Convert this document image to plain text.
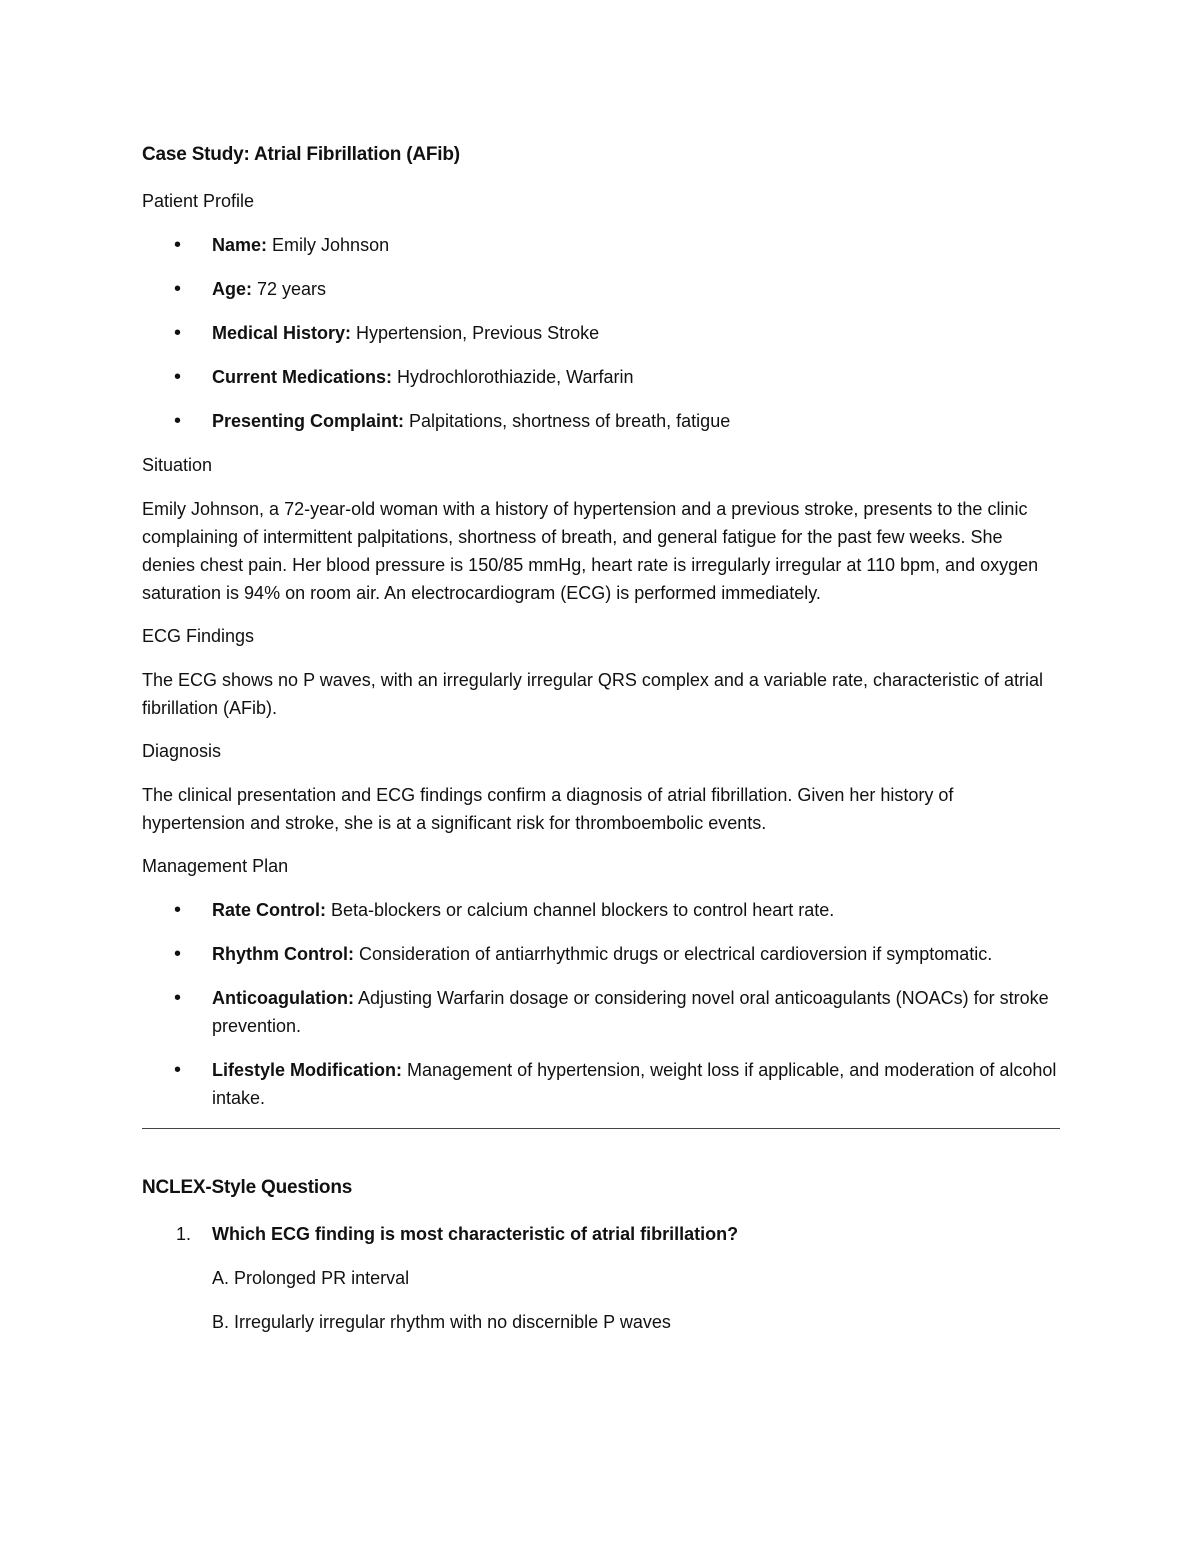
Case Study: Atrial Fibrillation (AFib)
Patient Profile
• Name: Emily Johnson
• Age: 72 years
• Medical History: Hypertension, Previous Stroke
• Current Medications: Hydrochlorothiazide, Warfarin
• Presenting Complaint: Palpitations, shortness of breath, fatigue
Situation

Emily Johnson, a 72-year-old woman with a history of hypertension and a previous stroke, presents to the clinic complaining of intermittent palpitations, shortness of breath, and general fatigue for the past few weeks. She denies chest pain. Her blood pressure is 150/85 mmHg, heart rate is irregularly irregular at 110 bpm, and oxygen saturation is 94% on room air. An electrocardiogram (ECG) is performed immediately.

ECG Findings

The ECG shows no P waves, with an irregularly irregular QRS complex and a variable rate, characteristic of atrial fibrillation (AFib).

Diagnosis

The clinical presentation and ECG findings confirm a diagnosis of atrial fibrillation. Given her history of hypertension and stroke, she is at a significant risk for thromboembolic events.

Management Plan
• Rate Control: Beta-blockers or calcium channel blockers to control heart rate.
• Rhythm Control: Consideration of antiarrhythmic drugs or electrical cardioversion if symptomatic.
• Anticoagulation: Adjusting Warfarin dosage or considering novel oral anticoagulants (NOACs) for stroke prevention.
• Lifestyle Modification: Management of hypertension, weight loss if applicable, and moderation of alcohol intake.
NCLEX-Style Questions
1. Which ECG finding is most characteristic of atrial fibrillation?
A. Prolonged PR interval
B. Irregularly irregular rhythm with no discernible P waves
